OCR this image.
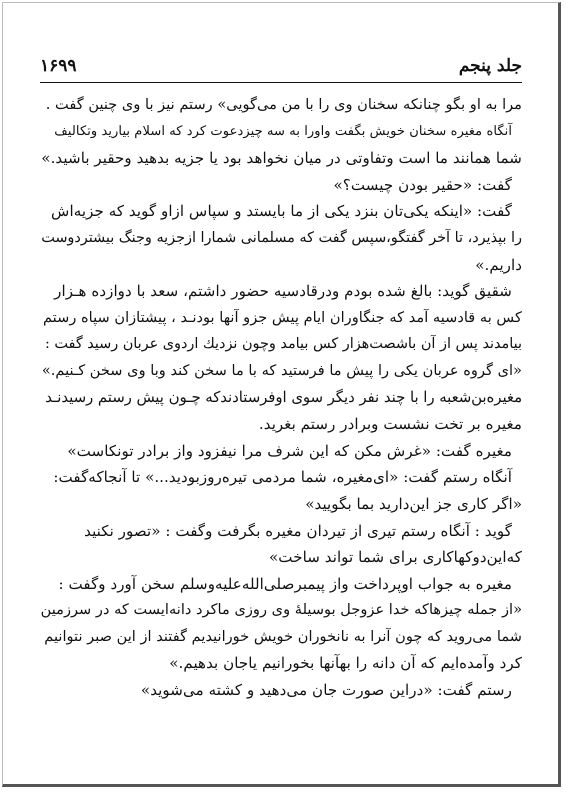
جلد پنجم
۱۶۹۹
مرا به او بگو چنانکه سخنان وی را با من می‌گویی» رستم نیز با وی چنین گفت .
آنگاه مغیره سخنان خویش بگفت واورا به سه چیزدعوت کرد که اسلام بیارید وتکالیف
شما همانند ما است وتفاوتی در میان نخواهد بود یا جزیه بدهید وحقیر باشید.»
گفت: «حقیر بودن چیست؟»
گفت: «اینکه یکی‌تان بنزد یکی از ما بایستد و سپاس ازاو گوید که جزیه‌اش
را بپذیرد، تا آخر گفتگو،سپس گفت که مسلمانی شمارا ازجزیه وجنگ بیشتردوست
داریم.»
شقیق گوید: بالغ شده بودم ودرقادسیه حضور داشتم، سعد با دوازده هـزار
کس به قادسیه آمد که جنگاوران ایام پیش جزو آنها بودنـد ، پیشتازان سپاه رستم
بیامدند پس از آن باشصت‌هزار کس بیامد وچون نزدیك اردوی عربان رسید گفت :
«ای گروه عربان یکی را پیش ما فرستید که با ما سخن کند وبا وی سخن کـنیم.»
مغیره‌بن‌شعبه را با چند نفر دیگر سوی اوفرستادندکه چـون پیش رستم رسیدنـد
مغیره بر تخت نشست وبرادر رستم بغرید.
مغیره گفت: «غرش مکن که این شرف مرا نیفزود واز برادر تونکاست»
آنگاه رستم گفت: «ای‌مغیره، شما مردمی تیره‌روزبودید...» تا آنجاکه‌گفت:
«اگر کاری جز این‌دارید بما بگویید»
گوید : آنگاه رستم تیری از تیردان مغیره بگرفت وگفت : «تصور نکنید
که‌این‌دوکهاکاری برای شما تواند ساخت»
مغیره به جواب اوپرداخت واز پیمبرصلی‌الله‌علیه‌وسلم سخن آورد وگفت :
«از جمله چیزهاکه خدا عزوجل بوسیلهٔ وی روزی ماکرد دانه‌ایست که در سرزمین
شما می‌روید که چون آنرا به نانخوران خویش خورانیدیم گفتند از این صبر نتوانیم
کرد وآمده‌ایم که آن دانه را بهآنها بخورانیم یاجان بدهیم.»
رستم گفت: «دراین صورت جان می‌دهید و کشته می‌شوید»
